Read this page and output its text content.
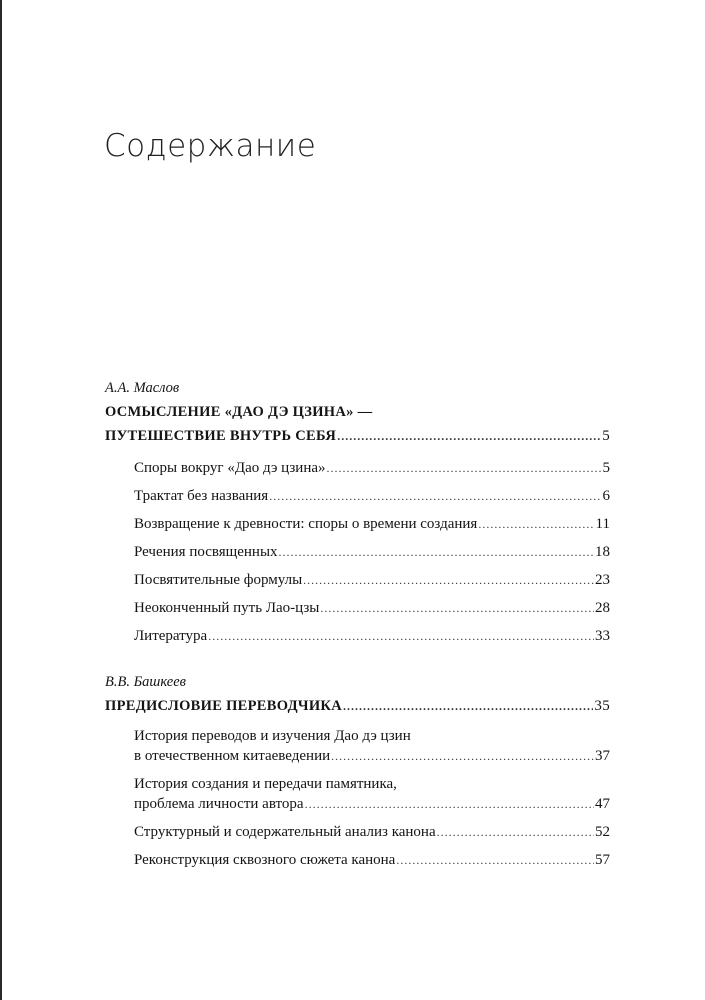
Содержание
А.А. Маслов
ОСМЫСЛЕНИЕ «ДАО ДЭ ЦЗИНА» —
ПУТЕШЕСТВИЕ ВНУТРЬ СЕБЯ .....	5
Споры вокруг «Дао дэ цзина» .....	5
Трактат без названия .....	6
Возвращение к древности: споры о времени создания .....	11
Речения посвященных .....	18
Посвятительные формулы .....	23
Неоконченный путь Лао-цзы .....	28
Литература .....	33
В.В. Башкеев
ПРЕДИСЛОВИЕ ПЕРЕВОДЧИКА .....	35
История переводов и изучения Дао дэ цзин
в отечественном китаеведении .....	37
История создания и передачи памятника,
проблема личности автора .....	47
Структурный и содержательный анализ канона .....	52
Реконструкция сквозного сюжета канона .....	57
